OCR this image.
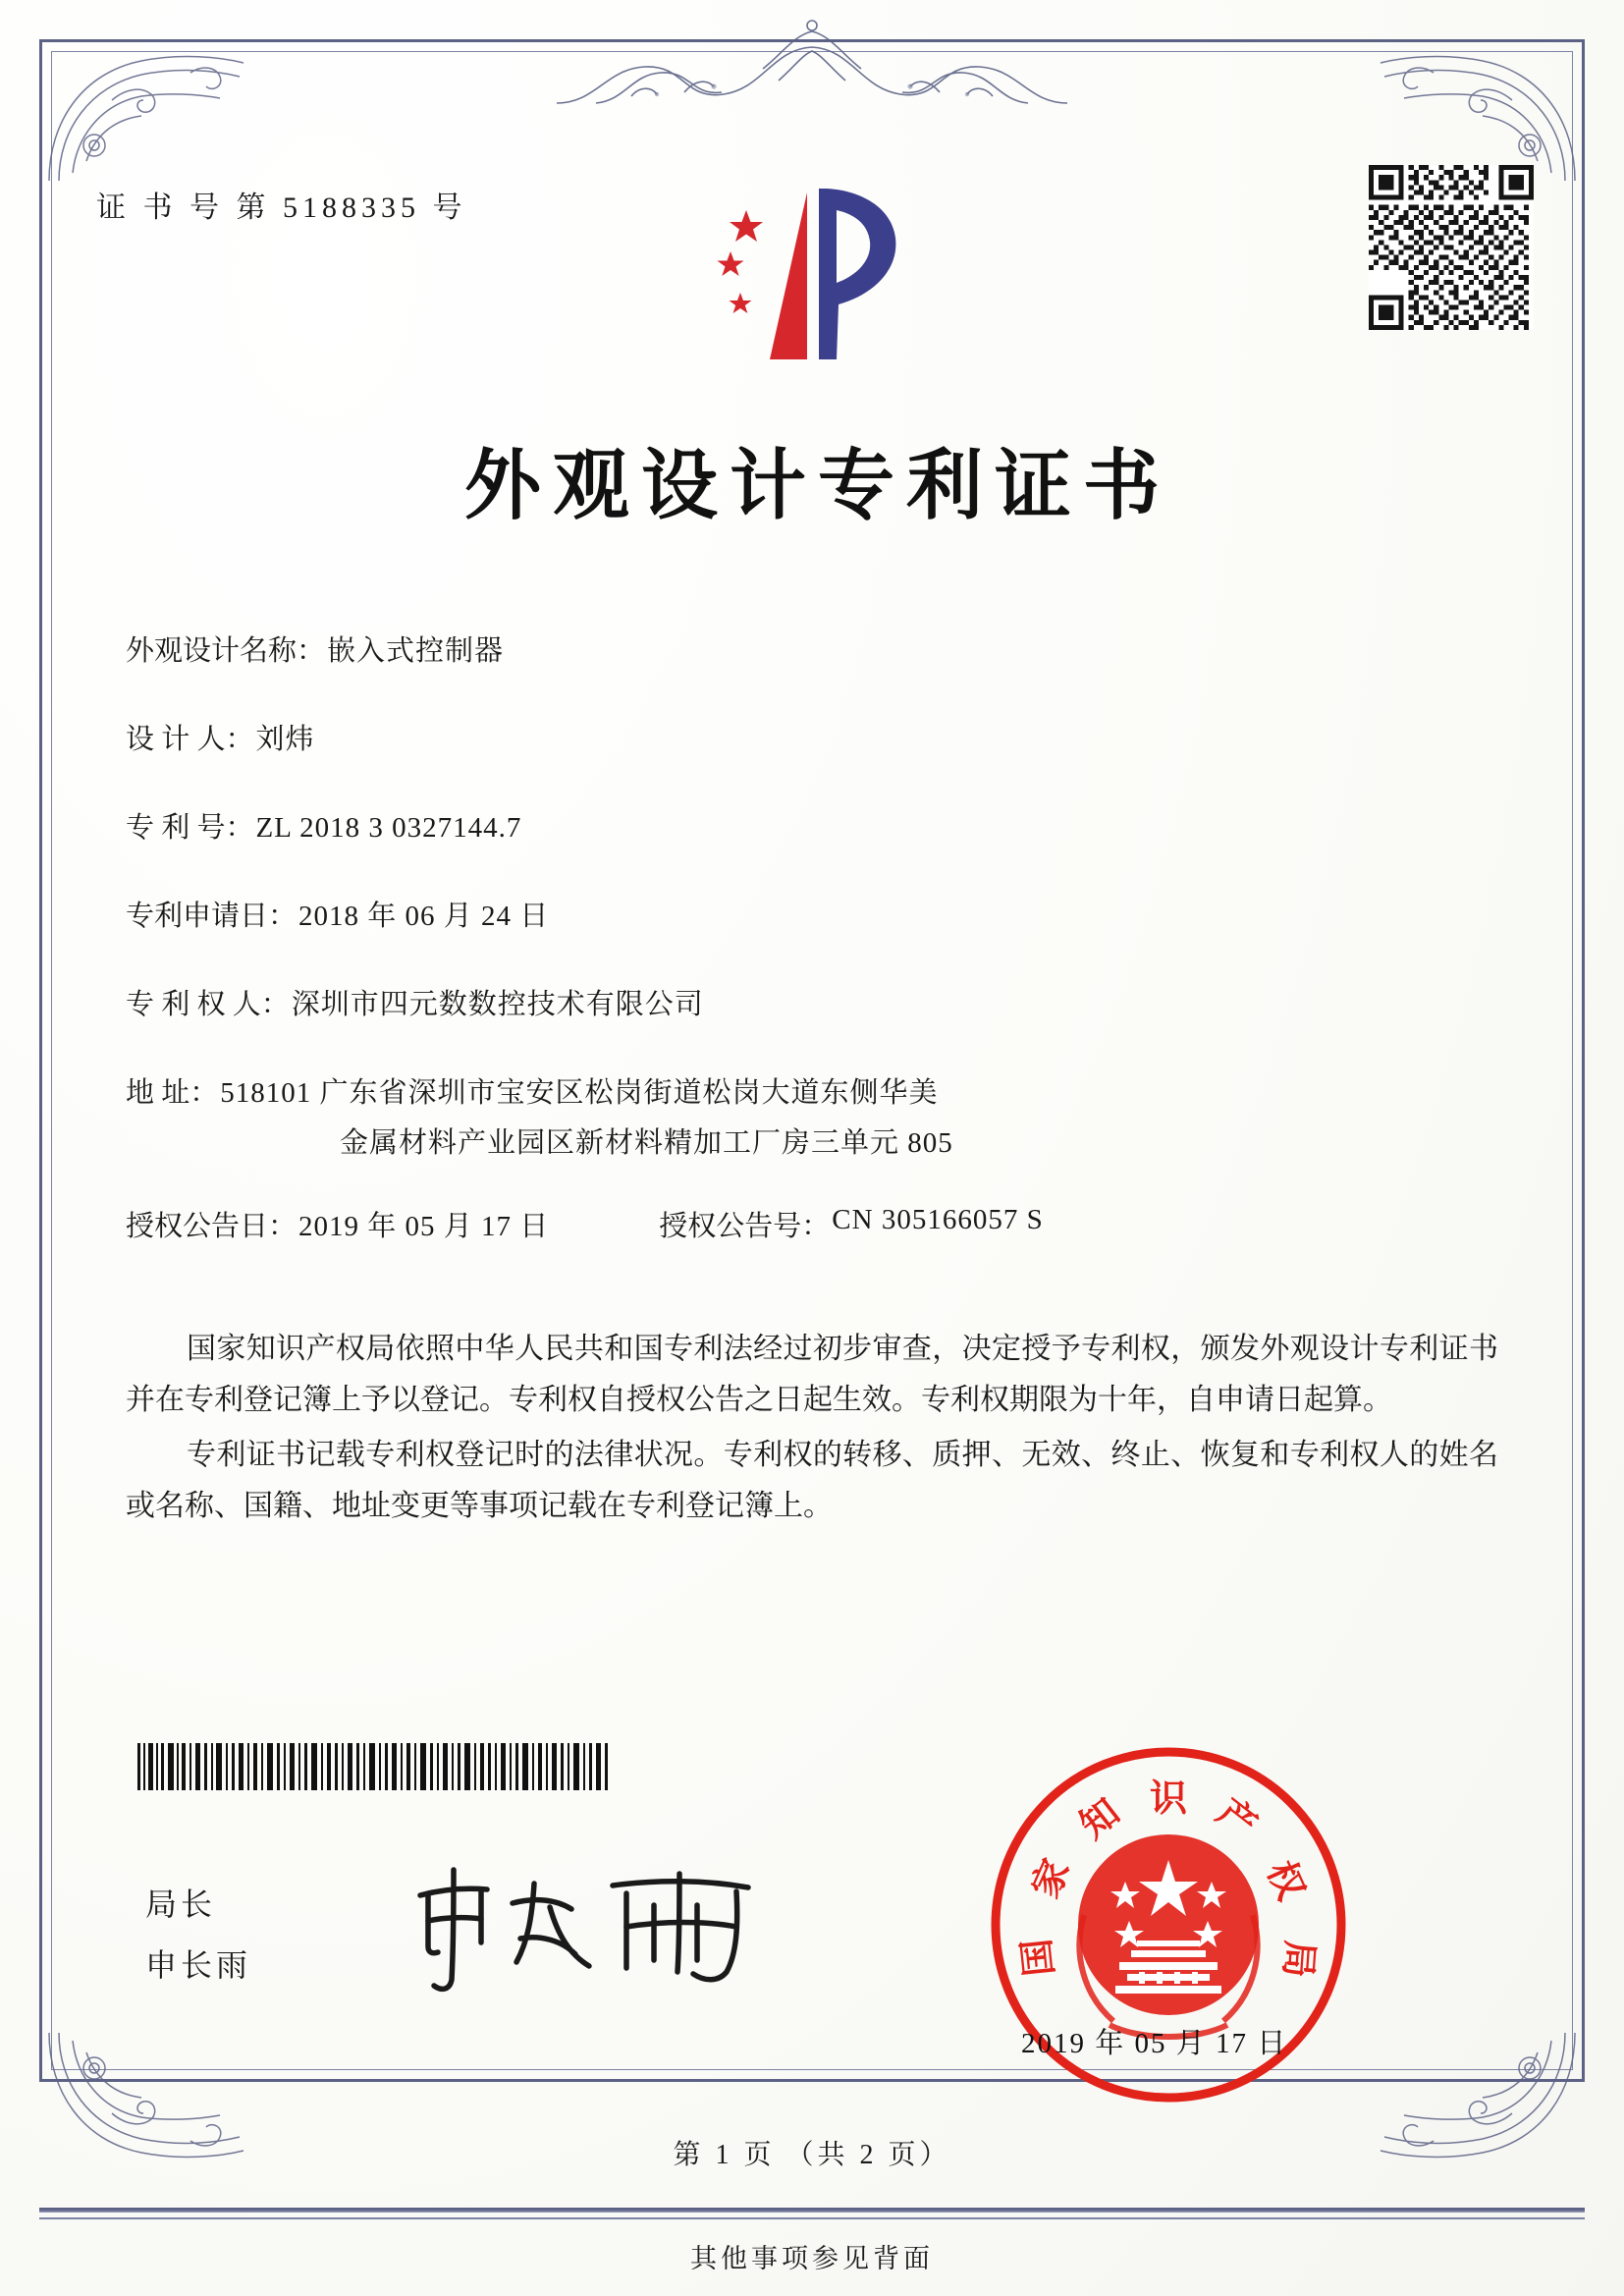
证 书 号 第 5188335 号
外观设计专利证书
外观设计名称： 嵌入式控制器
设 计 人： 刘炜
专 利 号： ZL 2018 3 0327144.7
专利申请日： 2018 年 06 月 24 日
专 利 权 人： 深圳市四元数数控技术有限公司
地 址： 518101 广东省深圳市宝安区松岗街道松岗大道东侧华美
金属材料产业园区新材料精加工厂房三单元 805
授权公告日： 2019 年 05 月 17 日	授权公告号： CN 305166057 S

国家知识产权局依照中华人民共和国专利法经过初步审查，决定授予专利权，颁发外观设计专利证书并在专利登记簿上予以登记。专利权自授权公告之日起生效。专利权期限为十年，自申请日起算。

专利证书记载专利权登记时的法律状况。专利权的转移、质押、无效、终止、恢复和专利权人的姓名或名称、国籍、地址变更等事项记载在专利登记簿上。

局长
申长雨
识
知
家
国
产
权
局
2019 年 05 月 17 日
第 1 页 （共 2 页）
其他事项参见背面
